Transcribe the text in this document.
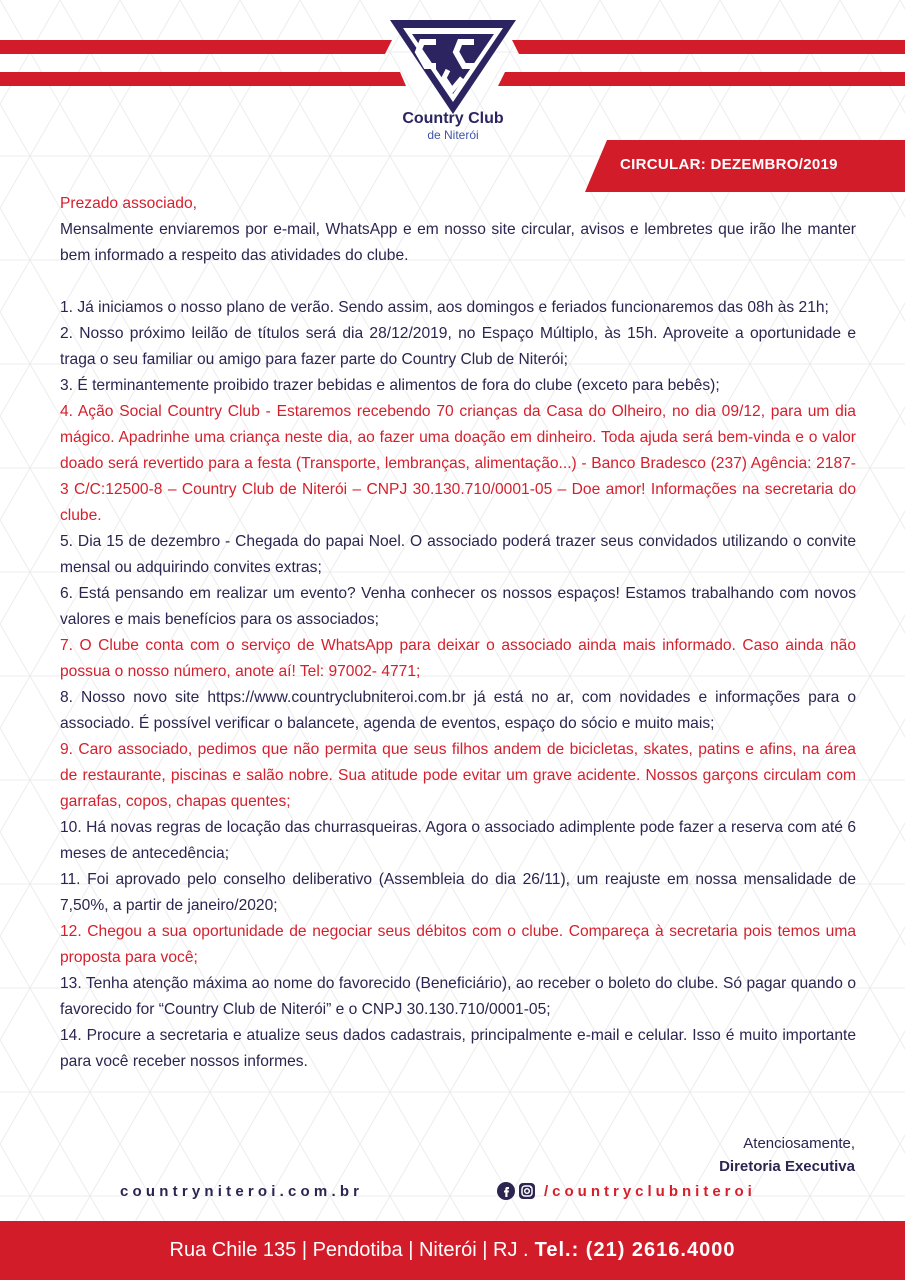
Country Club
de Niterói
CIRCULAR: DEZEMBRO/2019

Prezado associado,

Mensalmente enviaremos por e-mail, WhatsApp e em nosso site circular, avisos e lembretes que irão lhe manter bem informado a respeito das atividades do clube.

1. Já iniciamos o nosso plano de verão. Sendo assim, aos domingos e feriados funcionaremos das 08h às 21h;

2. Nosso próximo leilão de títulos será dia 28/12/2019, no Espaço Múltiplo, às 15h. Aproveite a oportunidade e traga o seu familiar ou amigo para fazer parte do Country Club de Niterói;

3. É terminantemente proibido trazer bebidas e alimentos de fora do clube (exceto para bebês);

4. Ação Social Country Club - Estaremos recebendo 70 crianças da Casa do Olheiro, no dia 09/12, para um dia mágico. Apadrinhe uma criança neste dia, ao fazer uma doação em dinheiro. Toda ajuda será bem-vinda e o valor doado será revertido para a festa (Transporte, lembranças, alimentação...) - Banco Bradesco (237) Agência: 2187-3 C/C:12500-8 – Country Club de Niterói – CNPJ 30.130.710/0001-05 – Doe amor! Informações na secretaria do clube.

5. Dia 15 de dezembro - Chegada do papai Noel. O associado poderá trazer seus convidados utilizando o convite mensal ou adquirindo convites extras;

6. Está pensando em realizar um evento? Venha conhecer os nossos espaços! Estamos trabalhando com novos valores e mais benefícios para os associados;

7. O Clube conta com o serviço de WhatsApp para deixar o associado ainda mais informado. Caso ainda não possua o nosso número, anote aí! Tel: 97002- 4771;

8. Nosso novo site https://www.countryclubniteroi.com.br já está no ar, com novidades e informações para o associado. É possível verificar o balancete, agenda de eventos, espaço do sócio e muito mais;

9. Caro associado, pedimos que não permita que seus filhos andem de bicicletas, skates, patins e afins, na área de restaurante, piscinas e salão nobre. Sua atitude pode evitar um grave acidente. Nossos garçons circulam com garrafas, copos, chapas quentes;

10. Há novas regras de locação das churrasqueiras. Agora o associado adimplente pode fazer a reserva com até 6 meses de antecedência;

11. Foi aprovado pelo conselho deliberativo (Assembleia do dia 26/11), um reajuste em nossa mensalidade de 7,50%, a partir de janeiro/2020;

12. Chegou a sua oportunidade de negociar seus débitos com o clube. Compareça à secretaria pois temos uma proposta para você;

13. Tenha atenção máxima ao nome do favorecido (Beneficiário), ao receber o boleto do clube. Só pagar quando o favorecido for “Country Club de Niterói” e o CNPJ 30.130.710/0001-05;

14. Procure a secretaria e atualize seus dados cadastrais, principalmente e-mail e celular. Isso é muito importante para você receber nossos informes.

Atenciosamente,
Diretoria Executiva
countryniteroi.com.br	/countryclubniteroi
Rua Chile 135 | Pendotiba | Niterói | RJ . Tel.: (21) 2616.4000
